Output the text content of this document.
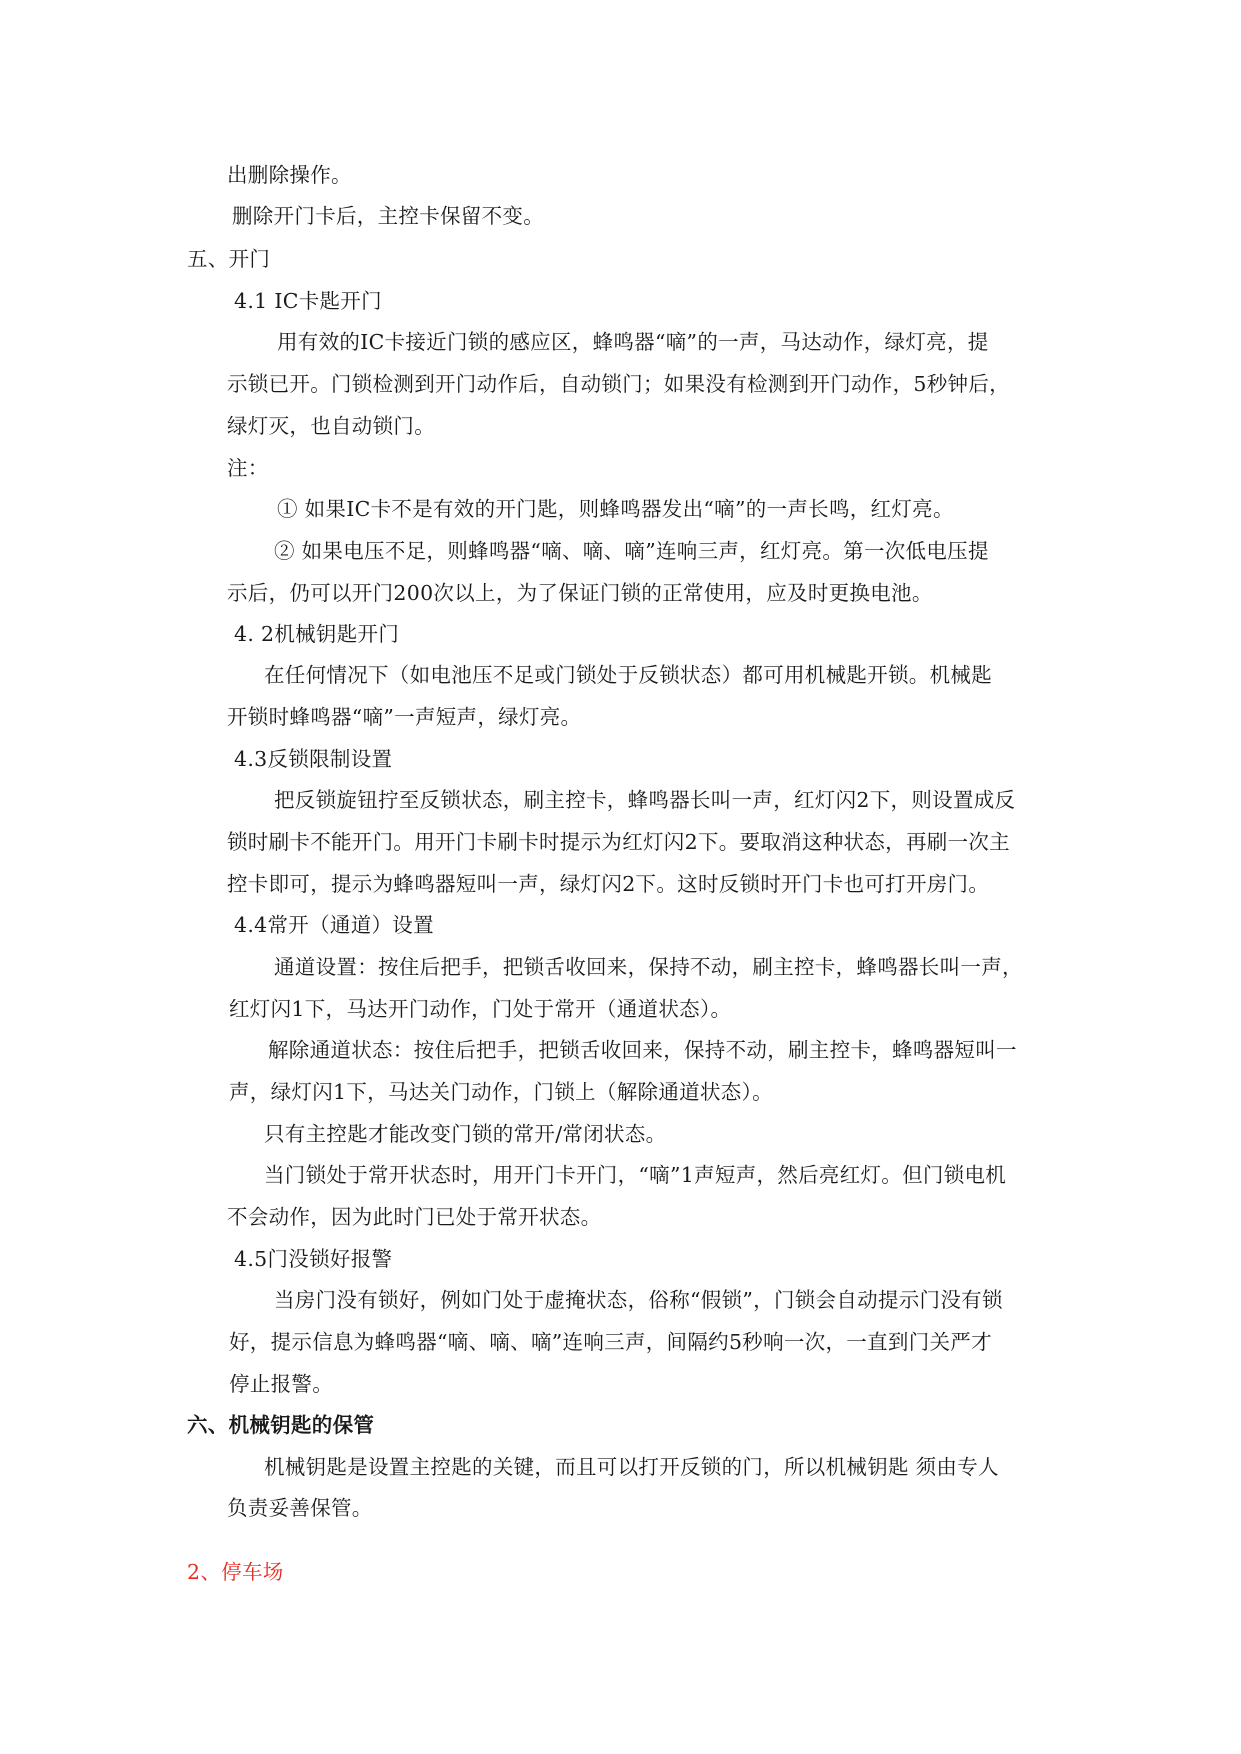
出删除操作。
删除开门卡后，主控卡保留不变。
五、开门
4.1 IC卡匙开门
用有效的IC卡接近门锁的感应区，蜂鸣器“嘀”的一声，马达动作，绿灯亮，提
示锁已开。门锁检测到开门动作后，自动锁门；如果没有检测到开门动作，5秒钟后，
绿灯灭，也自动锁门。
注：
① 如果IC卡不是有效的开门匙，则蜂鸣器发出“嘀”的一声长鸣，红灯亮。
② 如果电压不足，则蜂鸣器“嘀、嘀、嘀”连响三声，红灯亮。第一次低电压提
示后，仍可以开门200次以上，为了保证门锁的正常使用，应及时更换电池。
4. 2机械钥匙开门
在任何情况下（如电池压不足或门锁处于反锁状态）都可用机械匙开锁。机械匙
开锁时蜂鸣器“嘀”一声短声，绿灯亮。
4.3反锁限制设置
把反锁旋钮拧至反锁状态，刷主控卡，蜂鸣器长叫一声，红灯闪2下，则设置成反
锁时刷卡不能开门。用开门卡刷卡时提示为红灯闪2下。要取消这种状态，再刷一次主
控卡即可，提示为蜂鸣器短叫一声，绿灯闪2下。这时反锁时开门卡也可打开房门。
4.4常开（通道）设置
通道设置：按住后把手，把锁舌收回来，保持不动，刷主控卡，蜂鸣器长叫一声，
红灯闪1下，马达开门动作，门处于常开（通道状态）。
解除通道状态：按住后把手，把锁舌收回来，保持不动，刷主控卡，蜂鸣器短叫一
声，绿灯闪1下，马达关门动作，门锁上（解除通道状态）。
只有主控匙才能改变门锁的常开/常闭状态。
当门锁处于常开状态时，用开门卡开门，“嘀”1声短声，然后亮红灯。但门锁电机
不会动作，因为此时门已处于常开状态。
4.5门没锁好报警
当房门没有锁好，例如门处于虚掩状态，俗称“假锁”，门锁会自动提示门没有锁
好，提示信息为蜂鸣器“嘀、嘀、嘀”连响三声，间隔约5秒响一次，一直到门关严才
停止报警。
六、机械钥匙的保管
机械钥匙是设置主控匙的关键，而且可以打开反锁的门，所以机械钥匙 须由专人
负责妥善保管。
2、停车场
